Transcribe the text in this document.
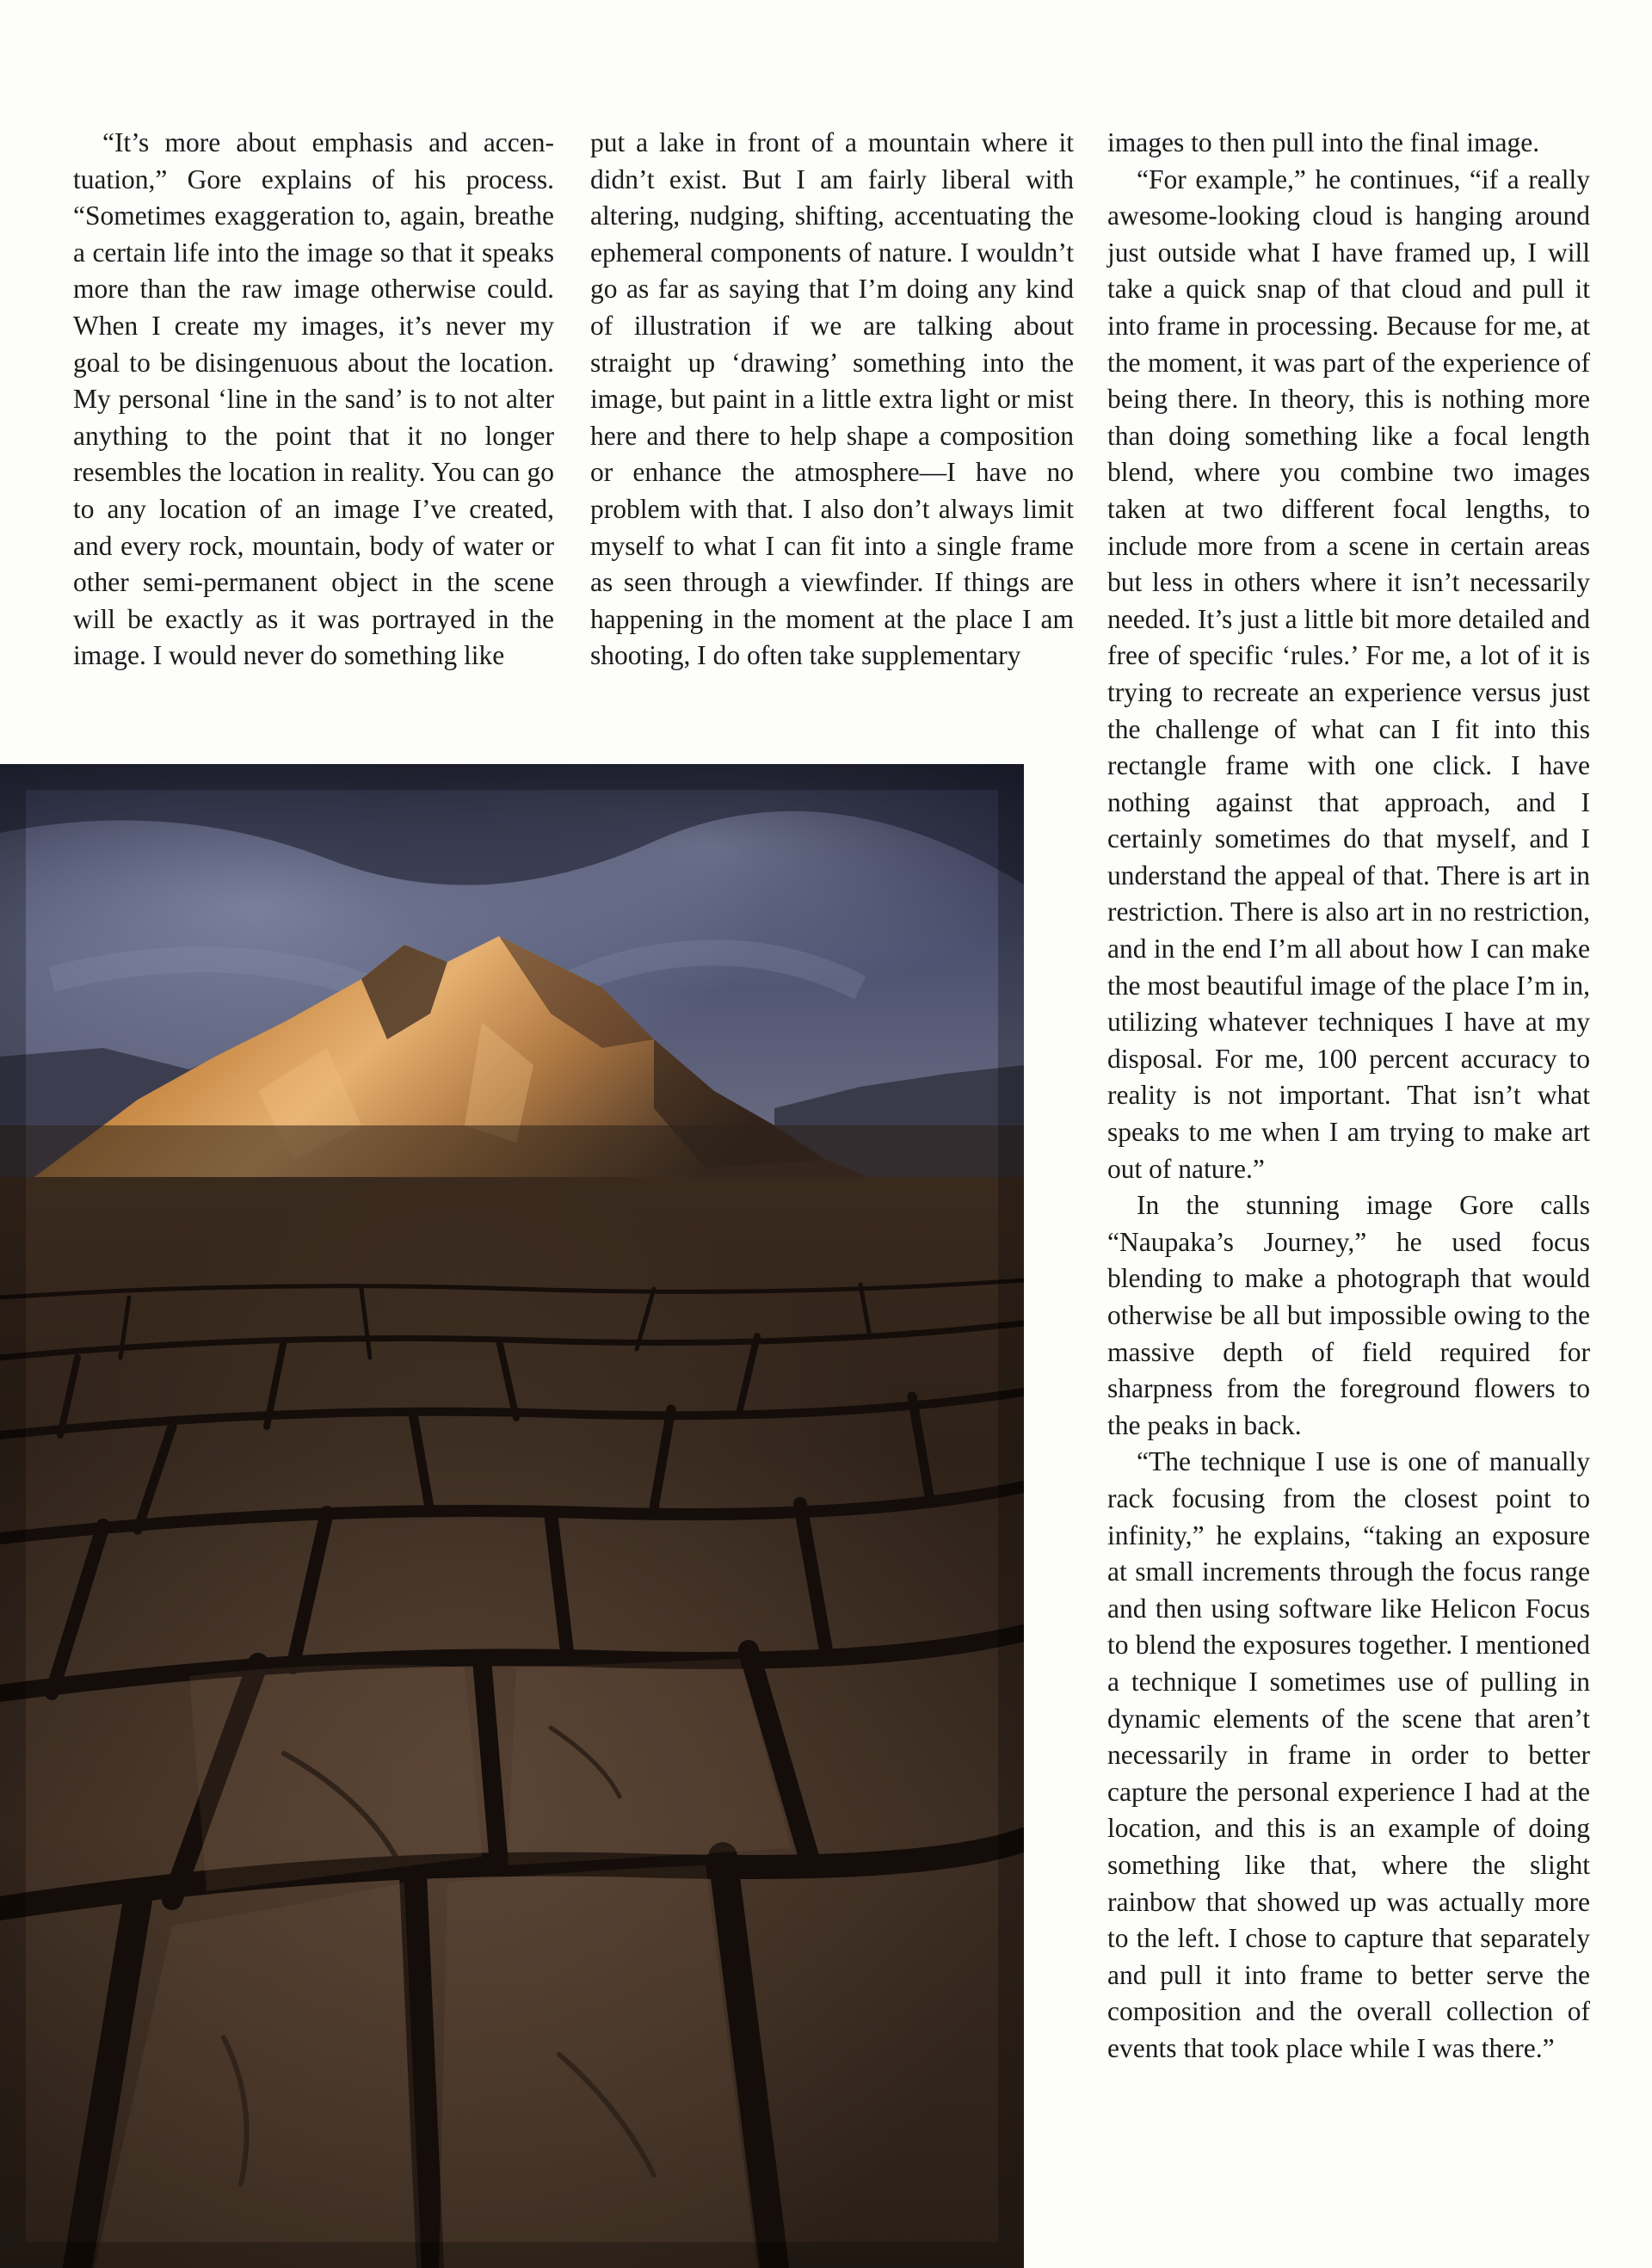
“It’s more about emphasis and accentuation,” Gore explains of his process. “Sometimes exaggeration to, again, breathe a certain life into the image so that it speaks more than the raw image otherwise could. When I create my images, it’s never my goal to be disingenuous about the location. My personal ‘line in the sand’ is to not alter anything to the point that it no longer resembles the location in reality. You can go to any location of an image I’ve created, and every rock, mountain, body of water or other semi-permanent object in the scene will be exactly as it was portrayed in the image. I would never do something like

put a lake in front of a mountain where it didn’t exist. But I am fairly liberal with altering, nudging, shifting, accentuating the ephemeral components of nature. I wouldn’t go as far as saying that I’m doing any kind of illustration if we are talking about straight up ‘drawing’ something into the image, but paint in a little extra light or mist here and there to help shape a composition or enhance the atmosphere—I have no problem with that. I also don’t always limit myself to what I can fit into a single frame as seen through a viewfinder. If things are happening in the moment at the place I am shooting, I do often take supplementary

images to then pull into the final image.

“For example,” he continues, “if a really awesome-looking cloud is hanging around just outside what I have framed up, I will take a quick snap of that cloud and pull it into frame in processing. Because for me, at the moment, it was part of the experience of being there. In theory, this is nothing more than doing something like a focal length blend, where you combine two images taken at two different focal lengths, to include more from a scene in certain areas but less in others where it isn’t necessarily needed. It’s just a little bit more detailed and free of specific ‘rules.’ For me, a lot of it is trying to recreate an experience versus just the challenge of what can I fit into this rectangle frame with one click. I have nothing against that approach, and I certainly sometimes do that myself, and I understand the appeal of that. There is art in restriction. There is also art in no restriction, and in the end I’m all about how I can make the most beautiful image of the place I’m in, utilizing whatever techniques I have at my disposal. For me, 100 percent accuracy to reality is not important. That isn’t what speaks to me when I am trying to make art out of nature.”

In the stunning image Gore calls “Naupaka’s Journey,” he used focus blending to make a photograph that would otherwise be all but impossible owing to the massive depth of field required for sharpness from the foreground flowers to the peaks in back.

“The technique I use is one of manually rack focusing from the closest point to infinity,” he explains, “taking an exposure at small increments through the focus range and then using software like Helicon Focus to blend the exposures together. I mentioned a technique I sometimes use of pulling in dynamic elements of the scene that aren’t necessarily in frame in order to better capture the personal experience I had at the location, and this is an example of doing something like that, where the slight rainbow that showed up was actually more to the left. I chose to capture that separately and pull it into frame to better serve the composition and the overall collection of events that took place while I was there.”
